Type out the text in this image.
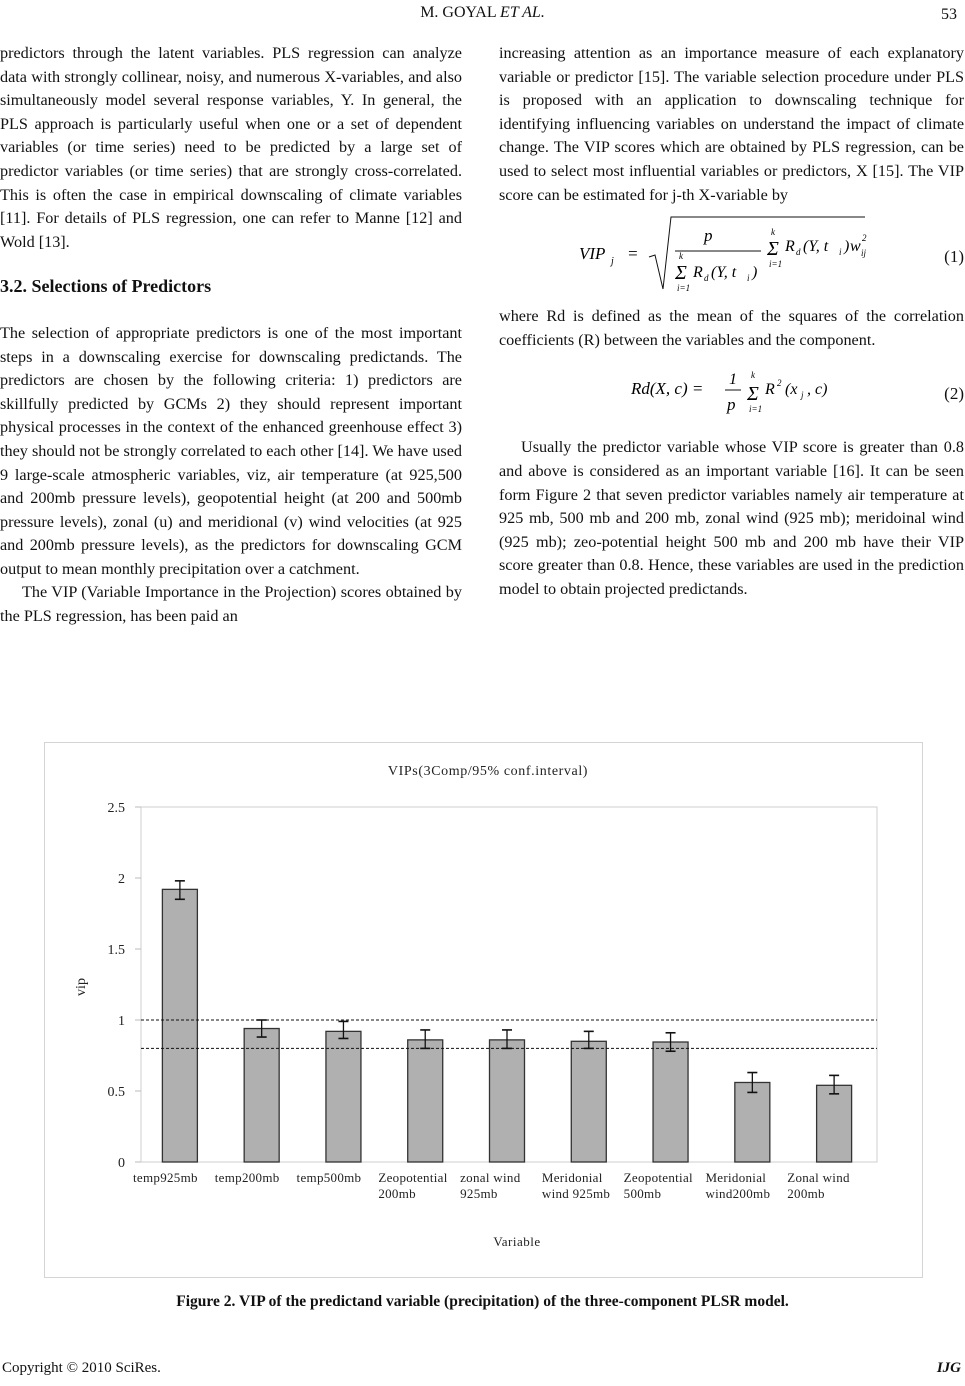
M. GOYAL ET AL.	53

predictors through the latent variables. PLS regression can analyze data with strongly collinear, noisy, and numerous X-variables, and also simultaneously model several response variables, Y. In general, the PLS approach is particularly useful when one or a set of dependent variables (or time series) need to be predicted by a large set of predictor variables (or time series) that are strongly cross-correlated. This is often the case in empirical downscaling of climate variables [11]. For details of PLS regression, one can refer to Manne [12] and Wold [13].

3.2. Selections of Predictors

The selection of appropriate predictors is one of the most important steps in a downscaling exercise for downscaling predictands. The predictors are chosen by the following criteria: 1) predictors are skillfully predicted by GCMs 2) they should represent important physical processes in the context of the enhanced greenhouse effect 3) they should not be strongly correlated to each other [14]. We have used 9 large-scale atmospheric variables, viz, air temperature (at 925,500 and 200mb pressure levels), geopotential height (at 200 and 500mb pressure levels), zonal (u) and meridional (v) wind velocities (at 925 and 200mb pressure levels), as the predictors for downscaling GCM output to mean monthly precipitation over a catchment.

The VIP (Variable Importance in the Projection) scores obtained by the PLS regression, has been paid an

increasing attention as an importance measure of each explanatory variable or predictor [15]. The variable selection procedure under PLS is proposed with an application to downscaling technique for identifying influencing variables on understand the impact of climate change. The VIP scores which are obtained by PLS regression, can be used to select most influential variables or predictors, X [15]. The VIP score can be estimated for j-th X-variable by

VIP j =
p
Σ
k
i=1
R d (Y, t i )
Σ
k
i=1
R d (Y, t i ) w 2
ij	(1)

where Rd is defined as the mean of the squares of the correlation coefficients (R) between the variables and the component.

Rd(X, c) = 1
p Σ
k
i=1
R 2 (x j , c)	(2)

Usually the predictor variable whose VIP score is greater than 0.8 and above is considered as an important variable [16]. It can be seen form Figure 2 that seven predictor variables namely air temperature at 925 mb, 500 mb and 200 mb, zonal wind (925 mb); meridoinal wind (925 mb); zeo-potential height 500 mb and 200 mb have their VIP score greater than 0.8. Hence, these variables are used in the prediction model to obtain projected predictands.

VIPs(3Comp/95% conf.interval)
vip
Variable
0
0.5
1
1.5
2
2.5
temp925mb temp200mb temp500mb Zeopotential 200mb
zonal wind 925mb
Meridonial wind 925mb
Zeopotential 500mb
Meridonial wind200mb
Zonal wind 200mb
Figure 2. VIP of the predictand variable (precipitation) of the three-component PLSR model.
Copyright © 2010 SciRes.	IJG
